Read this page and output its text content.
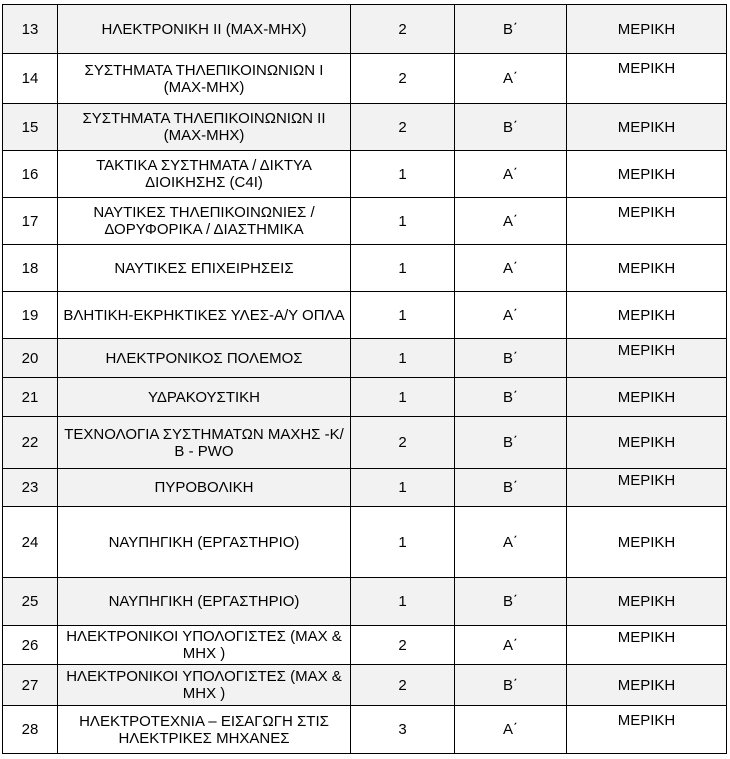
13	ΗΛΕΚΤΡΟΝΙΚΗ ΙΙ (ΜΑΧ-ΜΗΧ)	2	Β΄	ΜΕΡΙΚΗ
14	ΣΥΣΤΗΜΑΤΑ ΤΗΛΕΠΙΚΟΙΝΩΝΙΩΝ Ι (ΜΑΧ-ΜΗΧ)	2	Α΄	ΜΕΡΙΚΗ
15	ΣΥΣΤΗΜΑΤΑ ΤΗΛΕΠΙΚΟΙΝΩΝΙΩΝ ΙΙ (ΜΑΧ-ΜΗΧ)	2	Β΄	ΜΕΡΙΚΗ
16	ΤΑΚΤΙΚΑ ΣΥΣΤΗΜΑΤΑ / ΔΙΚΤΥΑ ΔΙΟΙΚΗΣΗΣ (C4I)	1	Α΄	ΜΕΡΙΚΗ
17	ΝΑΥΤΙΚΕΣ ΤΗΛΕΠΙΚΟΙΝΩΝΙΕΣ / ΔΟΡΥΦΟΡΙΚΑ / ΔΙΑΣΤΗΜΙΚΑ	1	Α΄	ΜΕΡΙΚΗ
18	ΝΑΥΤΙΚΕΣ ΕΠΙΧΕΙΡΗΣΕΙΣ	1	Α΄	ΜΕΡΙΚΗ
19	ΒΛΗΤΙΚΗ-ΕΚΡΗΚΤΙΚΕΣ ΥΛΕΣ-Α/Υ ΟΠΛΑ	1	Α΄	ΜΕΡΙΚΗ
20	ΗΛΕΚΤΡΟΝΙΚΟΣ ΠΟΛΕΜΟΣ	1	Β΄	ΜΕΡΙΚΗ
21	ΥΔΡΑΚΟΥΣΤΙΚΗ	1	Β΄	ΜΕΡΙΚΗ
22	ΤΕΧΝΟΛΟΓΙΑ ΣΥΣΤΗΜΑΤΩΝ ΜΑΧΗΣ -Κ/Β - PWO	2	Β΄	ΜΕΡΙΚΗ
23	ΠΥΡΟΒΟΛΙΚΗ	1	Β΄	ΜΕΡΙΚΗ
24	ΝΑΥΠΗΓΙΚΗ (ΕΡΓΑΣΤΗΡΙΟ)	1	Α΄	ΜΕΡΙΚΗ
25	ΝΑΥΠΗΓΙΚΗ (ΕΡΓΑΣΤΗΡΙΟ)	1	Β΄	ΜΕΡΙΚΗ
26	ΗΛΕΚΤΡΟΝΙΚΟΙ ΥΠΟΛΟΓΙΣΤΕΣ (ΜΑΧ & ΜΗΧ )	2	Α΄	ΜΕΡΙΚΗ
27	ΗΛΕΚΤΡΟΝΙΚΟΙ ΥΠΟΛΟΓΙΣΤΕΣ (ΜΑΧ & ΜΗΧ )	2	Β΄	ΜΕΡΙΚΗ
28	ΗΛΕΚΤΡΟΤΕΧΝΙΑ – ΕΙΣΑΓΩΓΗ ΣΤΙΣ ΗΛΕΚΤΡΙΚΕΣ ΜΗΧΑΝΕΣ	3	Α΄	ΜΕΡΙΚΗ
